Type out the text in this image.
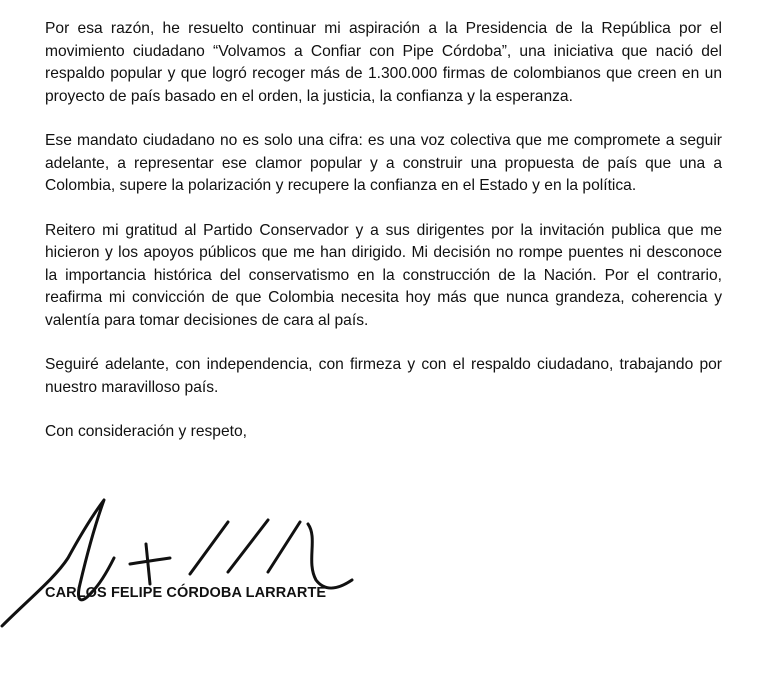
Por esa razón, he resuelto continuar mi aspiración a la Presidencia de la República por el movimiento ciudadano “Volvamos a Confiar con Pipe Córdoba”, una iniciativa que nació del respaldo popular y que logró recoger más de 1.300.000 firmas de colombianos que creen en un proyecto de país basado en el orden, la justicia, la confianza y la esperanza.

Ese mandato ciudadano no es solo una cifra: es una voz colectiva que me compromete a seguir adelante, a representar ese clamor popular y a construir una propuesta de país que una a Colombia, supere la polarización y recupere la confianza en el Estado y en la política.

Reitero mi gratitud al Partido Conservador y a sus dirigentes por la invitación publica que me hicieron y los apoyos públicos que me han dirigido. Mi decisión no rompe puentes ni desconoce la importancia histórica del conservatismo en la construcción de la Nación. Por el contrario, reafirma mi convicción de que Colombia necesita hoy más que nunca grandeza, coherencia y valentía para tomar decisiones de cara al país.

Seguiré adelante, con independencia, con firmeza y con el respaldo ciudadano, trabajando por nuestro maravilloso país.

Con consideración y respeto,

CARLOS FELIPE CÓRDOBA LARRARTE
